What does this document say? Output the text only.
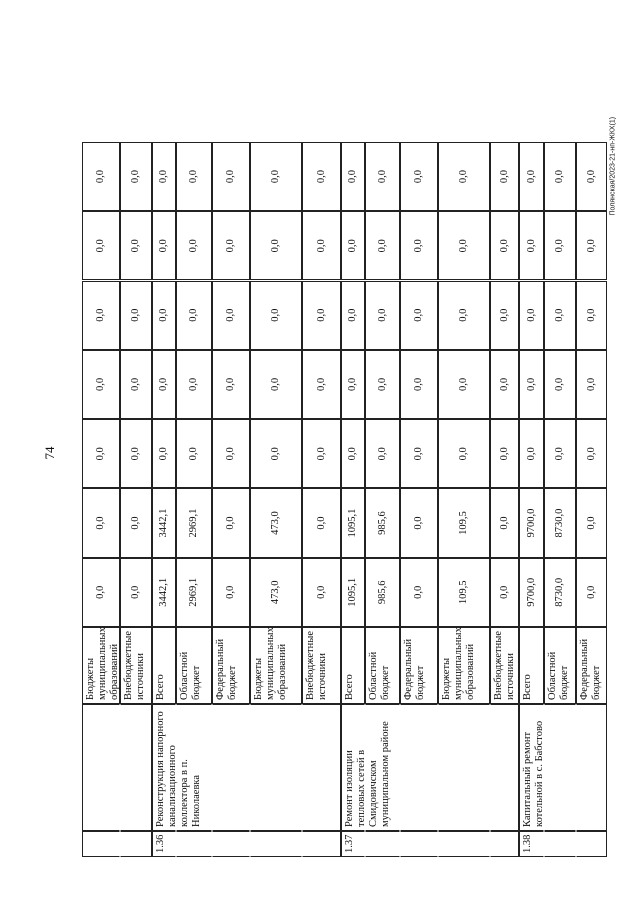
74
Полянская/2023-21-нп-ЖКХ(1)
Бюджеты муниципальных образований
0,0
0,0
0,0
0,0
0,0
0,0
0,0
Внебюджетные источники
0,0
0,0
0,0
0,0
0,0
0,0
0,0
1.36
Реконструкция напорного канализационного коллектора в п. Николаевка
Всего
3442,1
3442,1
0,0
0,0
0,0
0,0
0,0
Областной бюджет
2969,1
2969,1
0,0
0,0
0,0
0,0
0,0
Федеральный бюджет
0,0
0,0
0,0
0,0
0,0
0,0
0,0
Бюджеты муниципальных образований
473,0
473,0
0,0
0,0
0,0
0,0
0,0
Внебюджетные источники
0,0
0,0
0,0
0,0
0,0
0,0
0,0
1.37
Ремонт изоляции тепловых сетей в Смидовичском муниципальном районе
Всего
1095,1
1095,1
0,0
0,0
0,0
0,0
0,0
Областной бюджет
985,6
985,6
0,0
0,0
0,0
0,0
0,0
Федеральный бюджет
0,0
0,0
0,0
0,0
0,0
0,0
0,0
Бюджеты муниципальных образований
109,5
109,5
0,0
0,0
0,0
0,0
0,0
Внебюджетные источники
0,0
0,0
0,0
0,0
0,0
0,0
0,0
1.38
Капитальный ремонт котельной в с. Бабстово
Всего
9700,0
9700,0
0,0
0,0
0,0
0,0
0,0
Областной бюджет
8730,0
8730,0
0,0
0,0
0,0
0,0
0,0
Федеральный бюджет
0,0
0,0
0,0
0,0
0,0
0,0
0,0
